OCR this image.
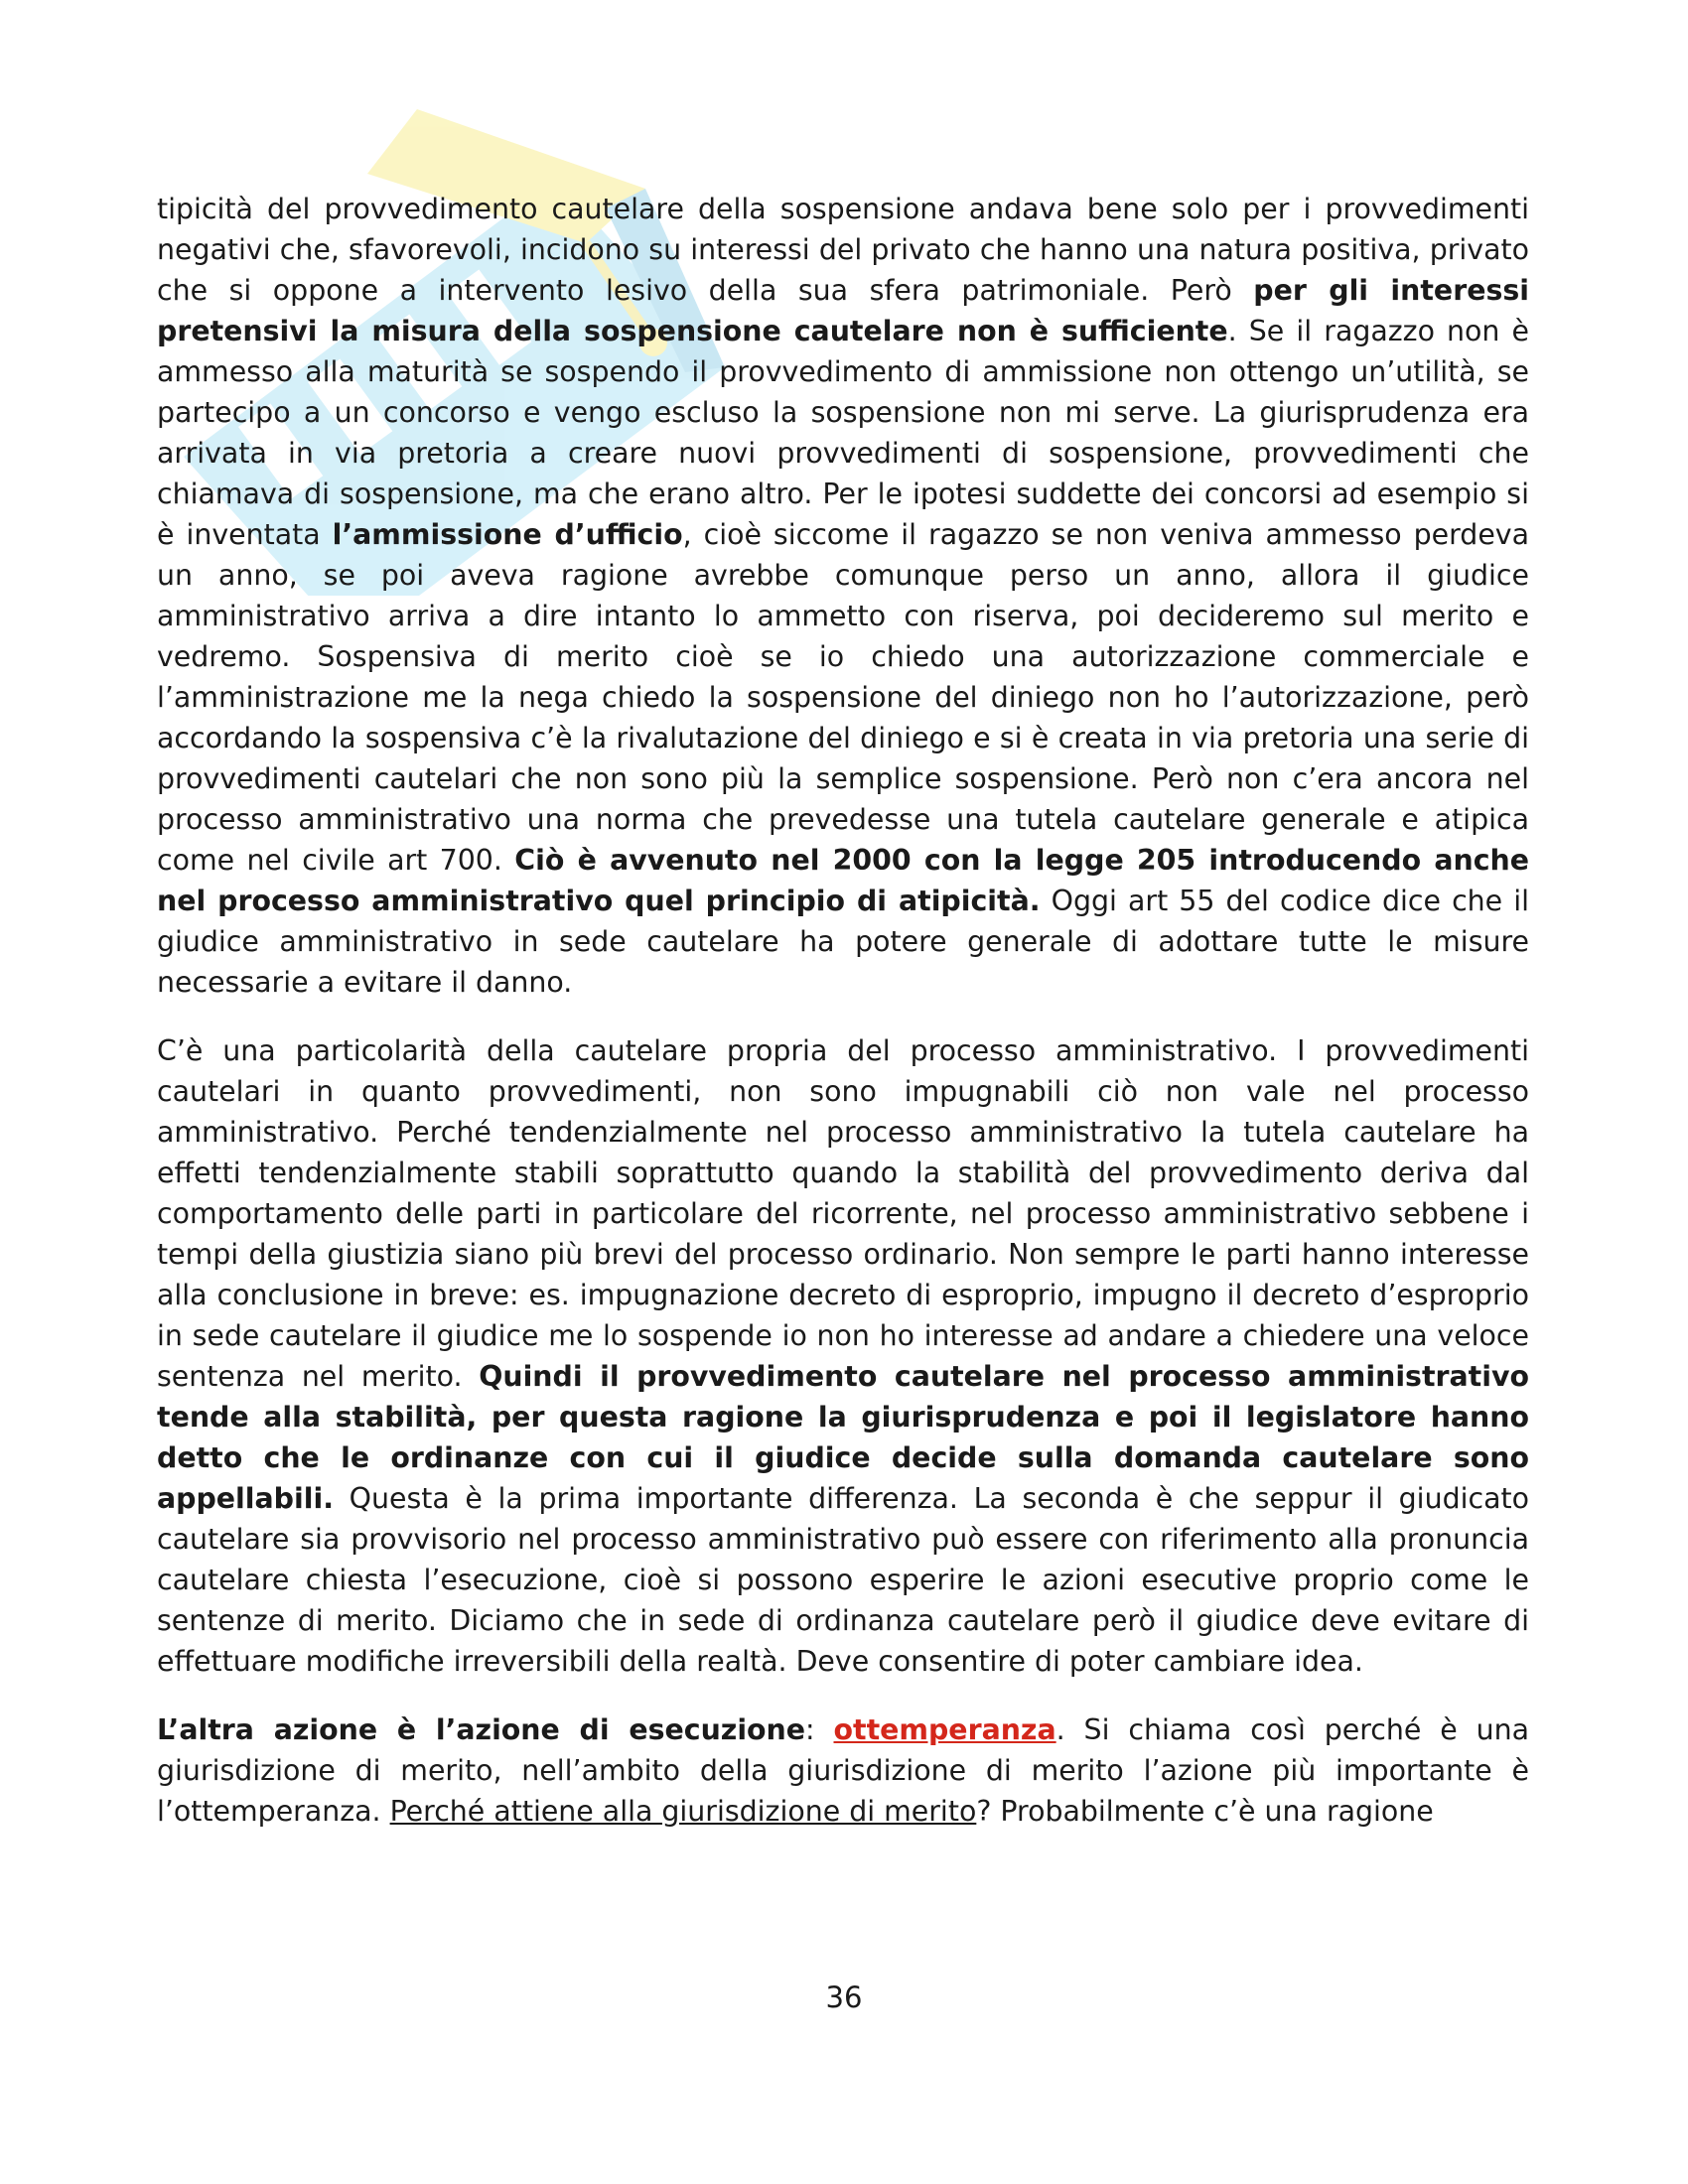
tipicità del provvedimento cautelare della sospensione andava bene solo per i provvedimenti negativi che, sfavorevoli, incidono su interessi del privato che hanno una natura positiva, privato che si oppone a intervento lesivo della sua sfera patrimoniale. Però per gli interessi pretensivi la misura della sospensione cautelare non è sufficiente. Se il ragazzo non è ammesso alla maturità se sospendo il provvedimento di ammissione non ottengo un’utilità, se partecipo a un concorso e vengo escluso la sospensione non mi serve. La giurisprudenza era arrivata in via pretoria a creare nuovi provvedimenti di sospensione, provvedimenti che chiamava di sospensione, ma che erano altro. Per le ipotesi suddette dei concorsi ad esempio si è inventata l’ammissione d’ufficio, cioè siccome il ragazzo se non veniva ammesso perdeva un anno, se poi aveva ragione avrebbe comunque perso un anno, allora il giudice amministrativo arriva a dire intanto lo ammetto con riserva, poi decideremo sul merito e vedremo. Sospensiva di merito cioè se io chiedo una autorizzazione commerciale e l’amministrazione me la nega chiedo la sospensione del diniego non ho l’autorizzazione, però accordando la sospensiva c’è la rivalutazione del diniego e si è creata in via pretoria una serie di provvedimenti cautelari che non sono più la semplice sospensione. Però non c’era ancora nel processo amministrativo una norma che prevedesse una tutela cautelare generale e atipica come nel civile art 700. Ciò è avvenuto nel 2000 con la legge 205 introducendo anche nel processo amministrativo quel principio di atipicità. Oggi art 55 del codice dice che il giudice amministrativo in sede cautelare ha potere generale di adottare tutte le misure necessarie a evitare il danno.

C’è una particolarità della cautelare propria del processo amministrativo. I provvedimenti cautelari in quanto provvedimenti, non sono impugnabili ciò non vale nel processo amministrativo. Perché tendenzialmente nel processo amministrativo la tutela cautelare ha effetti tendenzialmente stabili soprattutto quando la stabilità del provvedimento deriva dal comportamento delle parti in particolare del ricorrente, nel processo amministrativo sebbene i tempi della giustizia siano più brevi del processo ordinario. Non sempre le parti hanno interesse alla conclusione in breve: es. impugnazione decreto di esproprio, impugno il decreto d’esproprio in sede cautelare il giudice me lo sospende io non ho interesse ad andare a chiedere una veloce sentenza nel merito. Quindi il provvedimento cautelare nel processo amministrativo tende alla stabilità, per questa ragione la giurisprudenza e poi il legislatore hanno detto che le ordinanze con cui il giudice decide sulla domanda cautelare sono appellabili. Questa è la prima importante differenza. La seconda è che seppur il giudicato cautelare sia provvisorio nel processo amministrativo può essere con riferimento alla pronuncia cautelare chiesta l’esecuzione, cioè si possono esperire le azioni esecutive proprio come le sentenze di merito. Diciamo che in sede di ordinanza cautelare però il giudice deve evitare di effettuare modifiche irreversibili della realtà. Deve consentire di poter cambiare idea.

L’altra azione è l’azione di esecuzione: ottemperanza. Si chiama così perché è una giurisdizione di merito, nell’ambito della giurisdizione di merito l’azione più importante è l’ottemperanza. Perché attiene alla giurisdizione di merito? Probabilmente c’è una ragione

36
